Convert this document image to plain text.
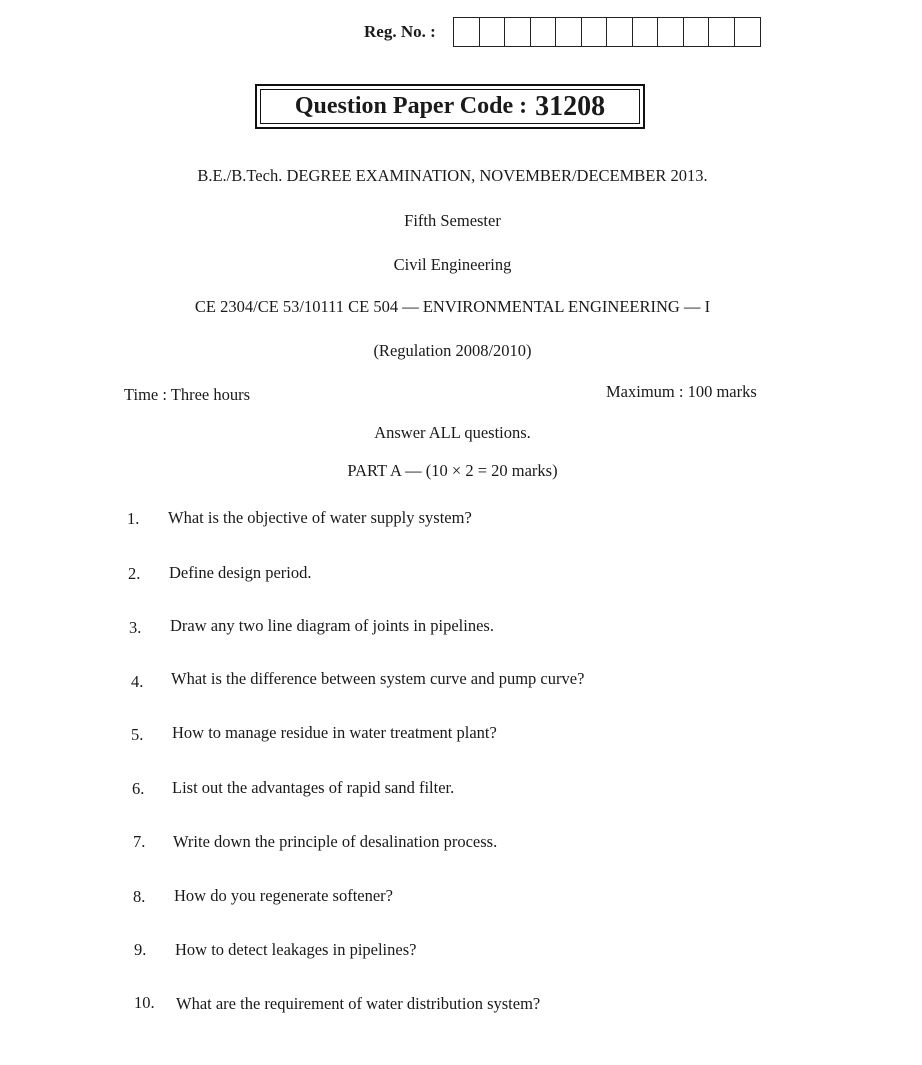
Reg. No. :
Question Paper Code : 31208
B.E./B.Tech. DEGREE EXAMINATION, NOVEMBER/DECEMBER 2013.
Fifth Semester
Civil Engineering
CE 2304/CE 53/10111 CE 504 — ENVIRONMENTAL ENGINEERING — I
(Regulation 2008/2010)
Time : Three hours	Maximum : 100 marks
Answer ALL questions.
PART A — (10 × 2 = 20 marks)
1. What is the objective of water supply system?
2. Define design period.
3. Draw any two line diagram of joints in pipelines.
4. What is the difference between system curve and pump curve?
5. How to manage residue in water treatment plant?
6. List out the advantages of rapid sand filter.
7. Write down the principle of desalination process.
8. How do you regenerate softener?
9. How to detect leakages in pipelines?
10. What are the requirement of water distribution system?
